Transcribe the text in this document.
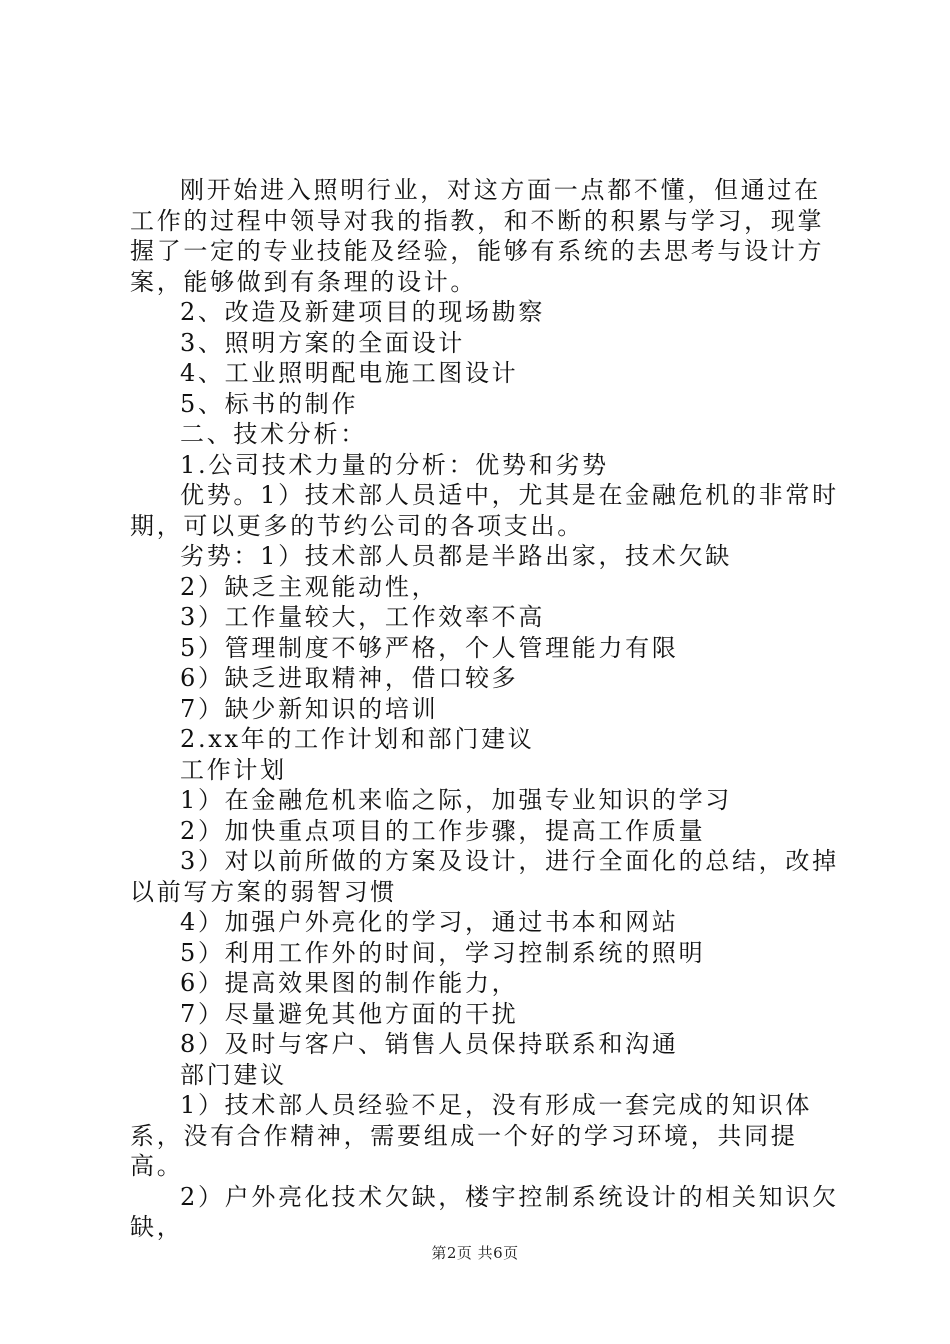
刚开始进入照明行业，对这方面一点都不懂，但通过在工作的过程中领导对我的指教，和不断的积累与学习，现掌握了一定的专业技能及经验，能够有系统的去思考与设计方案，能够做到有条理的设计。

2、改造及新建项目的现场勘察

3、照明方案的全面设计

4、工业照明配电施工图设计

5、标书的制作

二、技术分析：

1.公司技术力量的分析：优势和劣势

优势。1）技术部人员适中，尤其是在金融危机的非常时期，可以更多的节约公司的各项支出。

劣势：1）技术部人员都是半路出家，技术欠缺

2）缺乏主观能动性，

3）工作量较大，工作效率不高

5）管理制度不够严格，个人管理能力有限

6）缺乏进取精神，借口较多

7）缺少新知识的培训

2.xx年的工作计划和部门建议

工作计划

1）在金融危机来临之际，加强专业知识的学习

2）加快重点项目的工作步骤，提高工作质量

3）对以前所做的方案及设计，进行全面化的总结，改掉以前写方案的弱智习惯

4）加强户外亮化的学习，通过书本和网站

5）利用工作外的时间，学习控制系统的照明

6）提高效果图的制作能力，

7）尽量避免其他方面的干扰

8）及时与客户、销售人员保持联系和沟通

部门建议

1）技术部人员经验不足，没有形成一套完成的知识体系，没有合作精神，需要组成一个好的学习环境，共同提高。

2）户外亮化技术欠缺，楼宇控制系统设计的相关知识欠缺，

第2页 共6页
